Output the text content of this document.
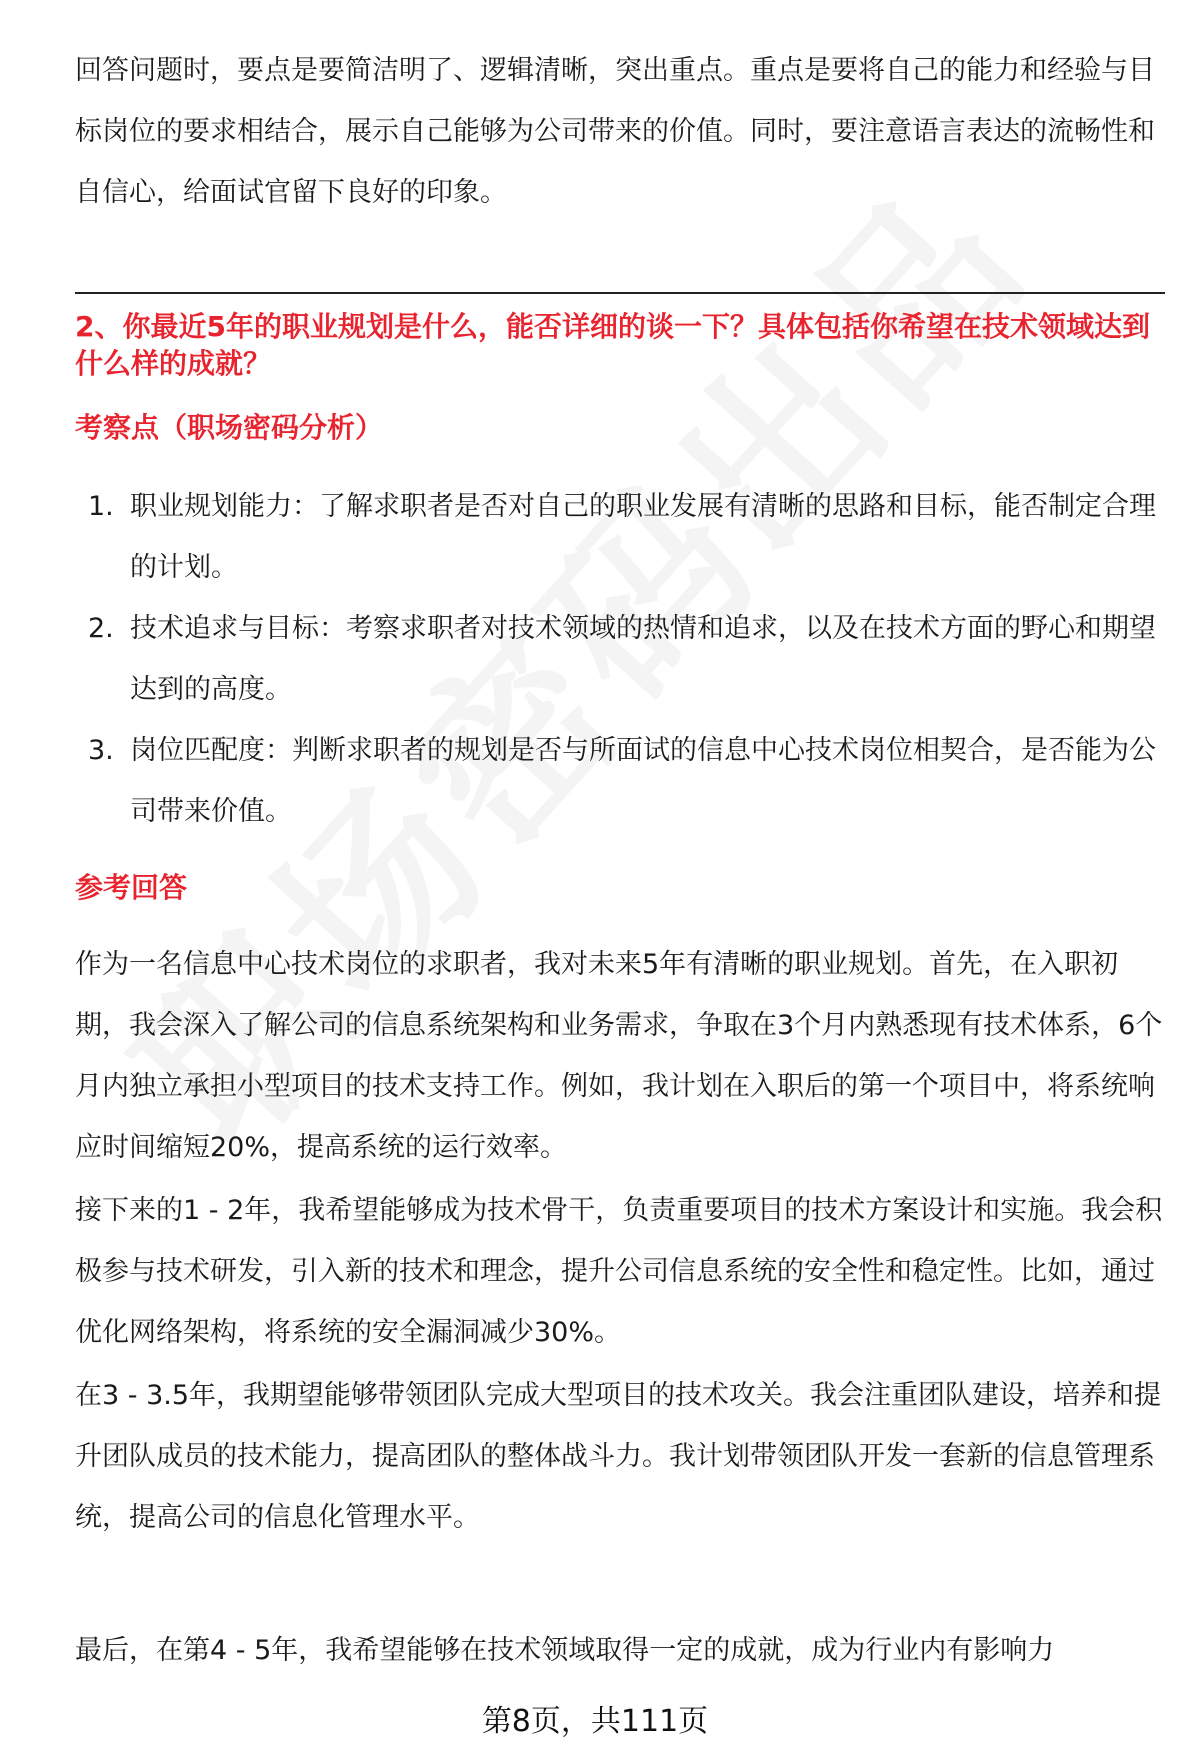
回答问题时，要点是要简洁明了、逻辑清晰，突出重点。重点是要将自己的能力和经验与目标岗位的要求相结合，展示自己能够为公司带来的价值。同时，要注意语言表达的流畅性和自信心，给面试官留下良好的印象。

2、你最近5年的职业规划是什么，能否详细的谈一下？具体包括你希望在技术领域达到什么样的成就？

考察点（职场密码分析）

1. 职业规划能力：了解求职者是否对自己的职业发展有清晰的思路和目标，能否制定合理的计划。
2. 技术追求与目标：考察求职者对技术领域的热情和追求，以及在技术方面的野心和期望达到的高度。
3. 岗位匹配度：判断求职者的规划是否与所面试的信息中心技术岗位相契合，是否能为公司带来价值。

参考回答

作为一名信息中心技术岗位的求职者，我对未来5年有清晰的职业规划。首先，在入职初期，我会深入了解公司的信息系统架构和业务需求，争取在3个月内熟悉现有技术体系，6个月内独立承担小型项目的技术支持工作。例如，我计划在入职后的第一个项目中，将系统响应时间缩短20%，提高系统的运行效率。

接下来的1 - 2年，我希望能够成为技术骨干，负责重要项目的技术方案设计和实施。我会积极参与技术研发，引入新的技术和理念，提升公司信息系统的安全性和稳定性。比如，通过优化网络架构，将系统的安全漏洞减少30%。

在3 - 3.5年，我期望能够带领团队完成大型项目的技术攻关。我会注重团队建设，培养和提升团队成员的技术能力，提高团队的整体战斗力。我计划带领团队开发一套新的信息管理系统，提高公司的信息化管理水平。

最后，在第4 - 5年，我希望能够在技术领域取得一定的成就，成为行业内有影响力

第8页，共111页
